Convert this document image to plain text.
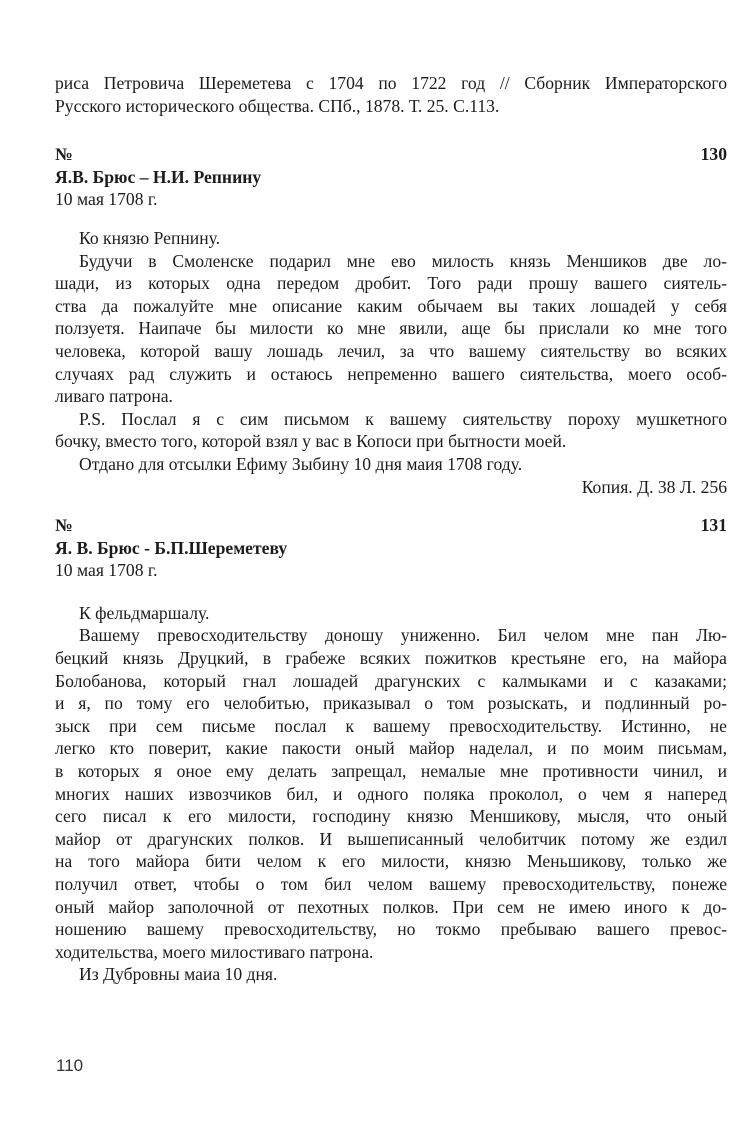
риса Петровича Шереметева с 1704 по 1722 год // Сборник Императорского
Русского исторического общества. СПб., 1878. Т. 25. С.113.
№ 130
Я.В. Брюс – Н.И. Репнину
10 мая 1708 г.
Ко князю Репнину.
Будучи в Смоленске подарил мне ево милость князь Меншиков две ло-
шади, из которых одна передом дробит. Того ради прошу вашего сиятель-
ства да пожалуйте мне описание каким обычаем вы таких лошадей у себя
ползуетя. Наипаче бы милости ко мне явили, аще бы прислали ко мне того
человека, которой вашу лошадь лечил, за что вашему сиятельству во всяких
случаях рад служить и остаюсь непременно вашего сиятельства, моего особ-
ливаго патрона.
P.S. Послал я с сим письмом к вашему сиятельству пороху мушкетного
бочку, вместо того, которой взял у вас в Копоси при бытности моей.
Отдано для отсылки Ефиму Зыбину 10 дня маия 1708 году.
Копия. Д. 38 Л. 256
№ 131
Я. В. Брюс - Б.П.Шереметеву
10 мая 1708 г.
К фельдмаршалу.
Вашему превосходительству доношу униженно. Бил челом мне пан Лю-
бецкий князь Друцкий, в грабеже всяких пожитков крестьяне его, на майора
Болобанова, который гнал лошадей драгунских с калмыками и с казаками;
и я, по тому его челобитью, приказывал о том розыскать, и подлинный ро-
зыск при сем письме послал к вашему превосходительству. Истинно, не
легко кто поверит, какие пакости оный майор наделал, и по моим письмам,
в которых я оное ему делать запрещал, немалые мне противности чинил, и
многих наших извозчиков бил, и одного поляка проколол, о чем я наперед
сего писал к его милости, господину князю Меншикову, мысля, что оный
майор от драгунских полков. И вышеписанный челобитчик потому же ездил
на того майора бити челом к его милости, князю Меньшикову, только же
получил ответ, чтобы о том бил челом вашему превосходительству, понеже
оный майор заполочной от пехотных полков. При сем не имею иного к до-
ношению вашему превосходительству, но токмо пребываю вашего превос-
ходительства, моего милостиваго патрона.
Из Дубровны маиа 10 дня.
110
